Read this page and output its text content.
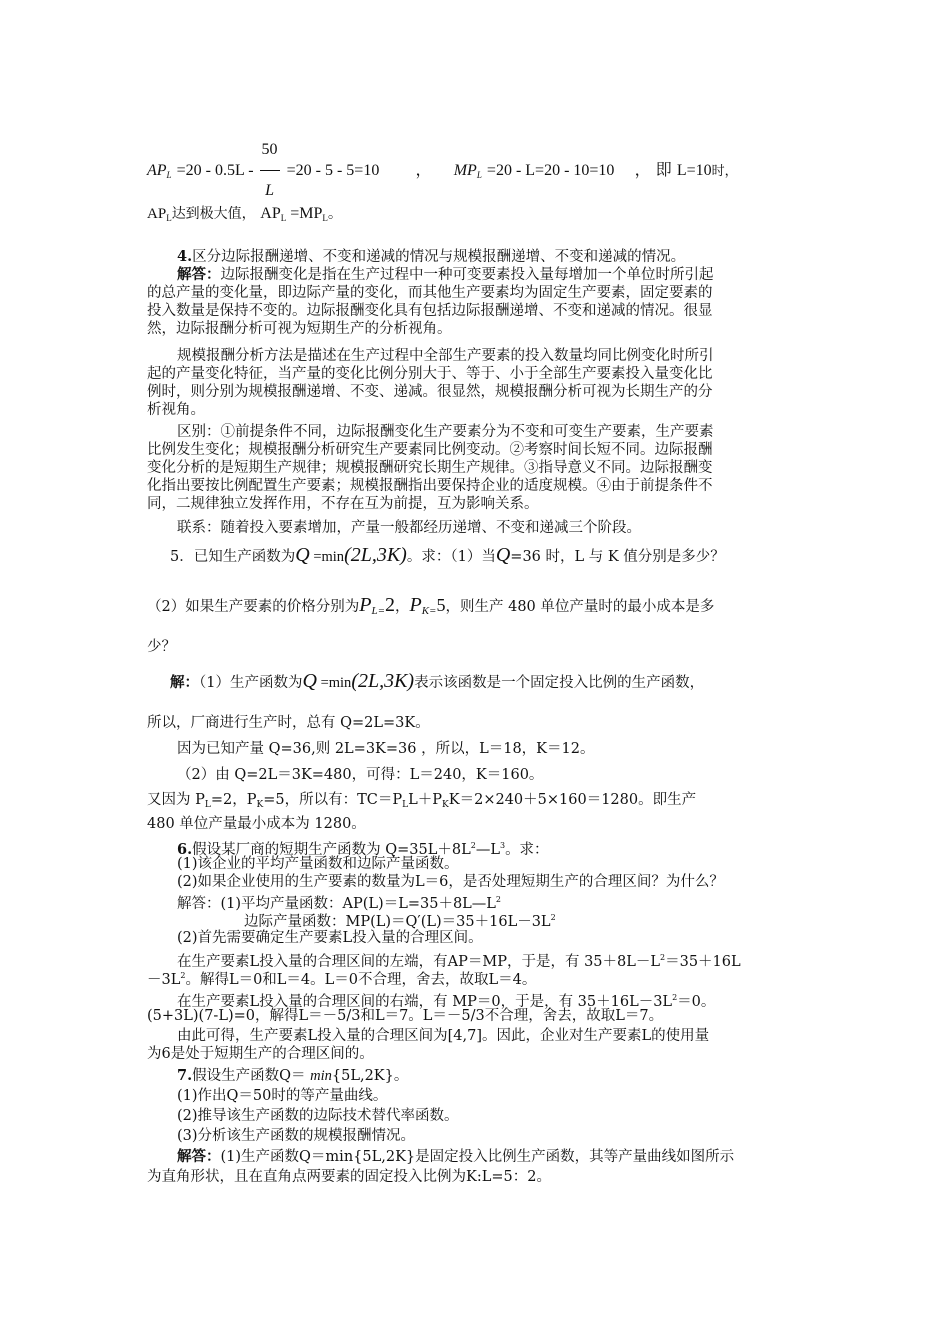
$AP_L =20 - 0.5L - \frac{50}{L} =20 - 5 - 5=10$ ， $MP_L =20 - L=20 - 10=10$ ， 即 L=10时，
$AP_L$达到极大值， $AP_L =MP_L$。
4.区分边际报酬递增、不变和递减的情况与规模报酬递增、不变和递减的情况。
解答：边际报酬变化是指在生产过程中一种可变要素投入量每增加一个单位时所引起
的总产量的变化量，即边际产量的变化，而其他生产要素均为固定生产要素，固定要素的
投入数量是保持不变的。边际报酬变化具有包括边际报酬递增、不变和递减的情况。很显
然，边际报酬分析可视为短期生产的分析视角。
规模报酬分析方法是描述在生产过程中全部生产要素的投入数量均同比例变化时所引
起的产量变化特征，当产量的变化比例分别大于、等于、小于全部生产要素投入量变化比
例时，则分别为规模报酬递增、不变、递减。很显然，规模报酬分析可视为长期生产的分
析视角。
区别：①前提条件不同，边际报酬变化生产要素分为不变和可变生产要素，生产要素
比例发生变化；规模报酬分析研究生产要素同比例变动。②考察时间长短不同。边际报酬
变化分析的是短期生产规律；规模报酬研究长期生产规律。③指导意义不同。边际报酬变
化指出要按比例配置生产要素；规模报酬指出要保持企业的适度规模。④由于前提条件不
同，二规律独立发挥作用，不存在互为前提，互为影响关系。
联系：随着投入要素增加，产量一般都经历递增、不变和递减三个阶段。
5．已知生产函数为Q =min(2L,3K)。求：（1）当Q=36 时，L 与 K 值分别是多少？
（2）如果生产要素的价格分别为$P_{L=}2$，$P_{K=}5$，则生产 480 单位产量时的最小成本是多
少？
解：（1）生产函数为Q =min(2L,3K)表示该函数是一个固定投入比例的生产函数，
所以，厂商进行生产时，总有 Q=2L=3K。
因为已知产量 Q=36,则 2L=3K=36 ，所以，L＝18，K＝12。
（2）由 Q=2L＝3K=480，可得：L＝240，K＝160。
又因为 $P_L=2$，$P_K=5$，所以有：$TC=P_LL+P_KK=2\times 240+5\times 160=1280$。即生产
480 单位产量最小成本为 1280。
6.假设某厂商的短期生产函数为 $Q=35L+8L^2—L^3$。求：
(1)该企业的平均产量函数和边际产量函数。
(2)如果企业使用的生产要素的数量为L＝6，是否处理短期生产的合理区间？为什么？
解答：(1)平均产量函数：$AP(L)=L=35+8L—L^2$
边际产量函数：$MP(L)=Q'(L)=35+16L-3L^2$
(2)首先需要确定生产要素L投入量的合理区间。
在生产要素L投入量的合理区间的左端，有AP＝MP，于是，有 $35+8L-L^2=35+16L$
$-3L^2$。解得L＝0和L＝4。L＝0不合理，舍去，故取L＝4。
在生产要素L投入量的合理区间的右端，有 MP＝0，于是，有 $35+16L-3L^2=0$。
(5+3L)(7-L)=0，解得L＝－5/3和L＝7。L＝－5/3不合理，舍去，故取L＝7。
由此可得，生产要素L投入量的合理区间为[4,7]。因此，企业对生产要素L的使用量
为6是处于短期生产的合理区间的。
7.假设生产函数Q＝ min{5L,2K}。
(1)作出Q＝50时的等产量曲线。
(2)推导该生产函数的边际技术替代率函数。
(3)分析该生产函数的规模报酬情况。
解答：(1)生产函数Q＝min{5L,2K}是固定投入比例生产函数，其等产量曲线如图所示
为直角形状，且在直角点两要素的固定投入比例为K:L=5：2。
